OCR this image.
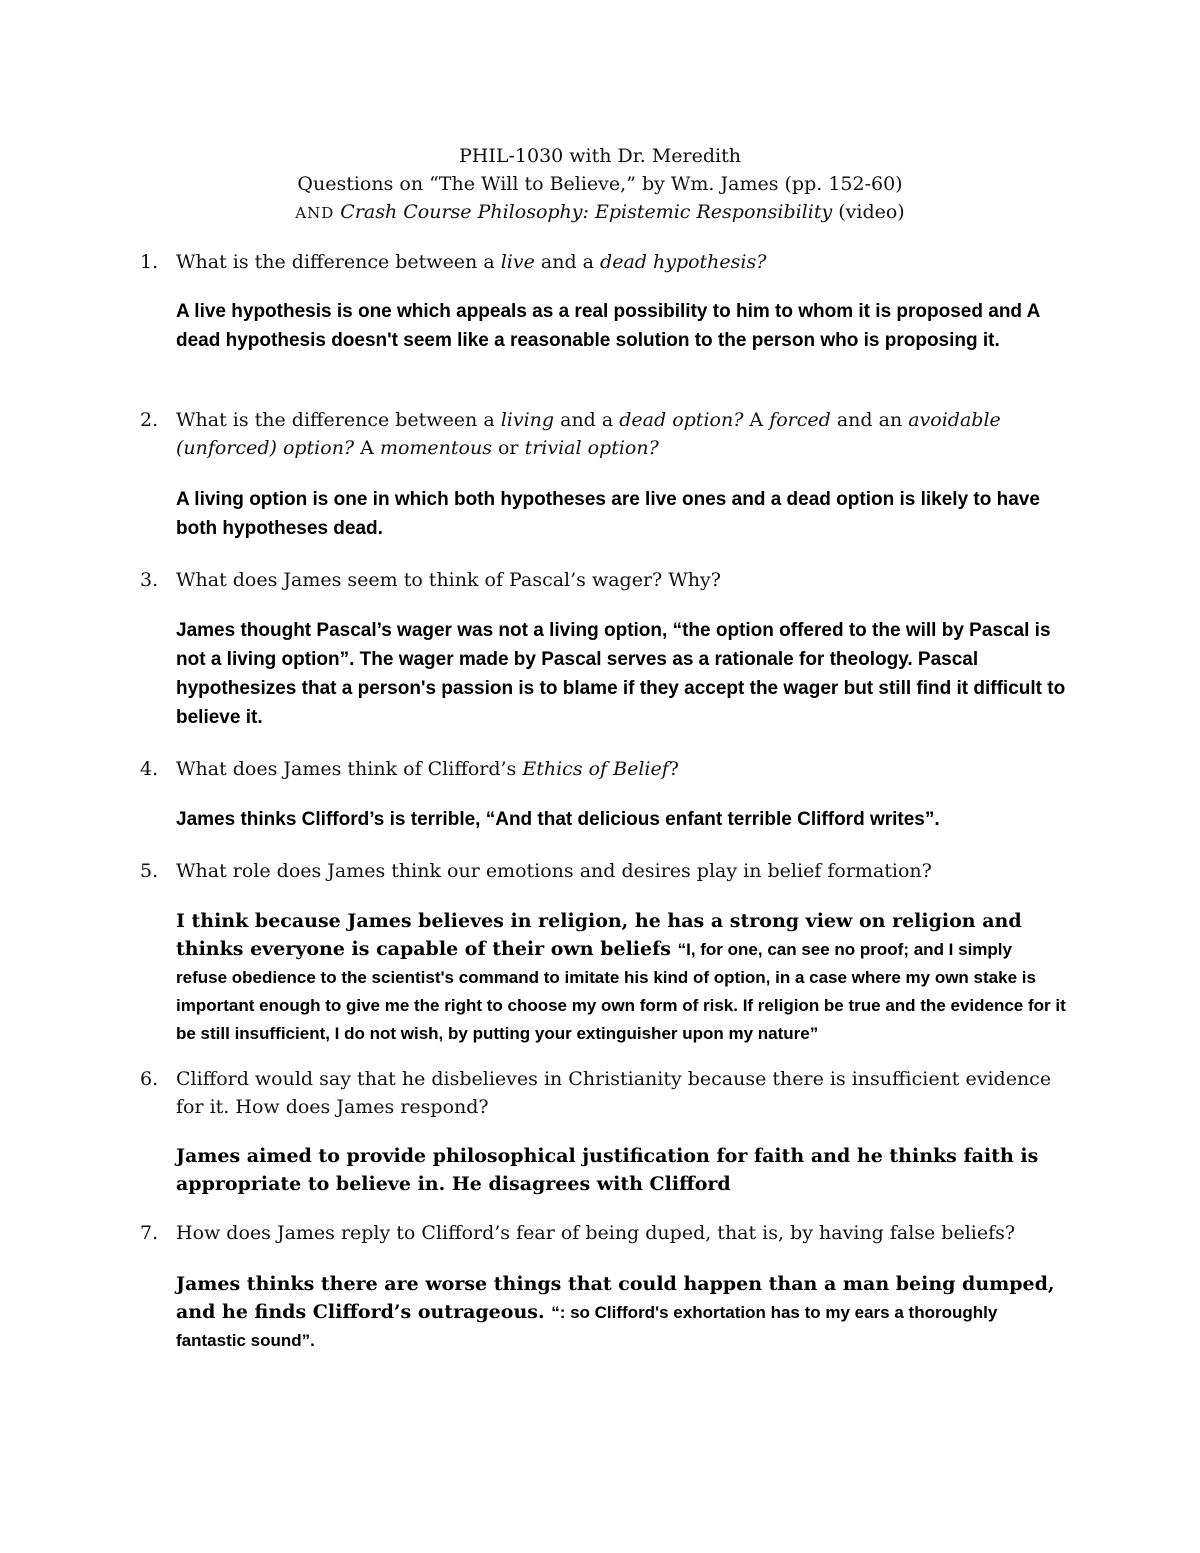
PHIL-1030 with Dr. Meredith
Questions on “The Will to Believe,” by Wm. James (pp. 152-60)
AND Crash Course Philosophy: Epistemic Responsibility (video)
1. What is the difference between a live and a dead hypothesis?
A live hypothesis is one which appeals as a real possibility to him to whom it is proposed and A dead hypothesis doesn't seem like a reasonable solution to the person who is proposing it.
2. What is the difference between a living and a dead option? A forced and an avoidable (unforced) option? A momentous or trivial option?
A living option is one in which both hypotheses are live ones and a dead option is likely to have both hypotheses dead.
3. What does James seem to think of Pascal’s wager? Why?
James thought Pascal’s wager was not a living option, “the option offered to the will by Pascal is not a living option”. The wager made by Pascal serves as a rationale for theology. Pascal hypothesizes that a person's passion is to blame if they accept the wager but still find it difficult to believe it.
4. What does James think of Clifford’s Ethics of Belief?
James thinks Clifford’s is terrible, “And that delicious enfant terrible Clifford writes”.
5. What role does James think our emotions and desires play in belief formation?
I think because James believes in religion, he has a strong view on religion and thinks everyone is capable of their own beliefs “I, for one, can see no proof; and I simply refuse obedience to the scientist's command to imitate his kind of option, in a case where my own stake is important enough to give me the right to choose my own form of risk. If religion be true and the evidence for it be still insufficient, I do not wish, by putting your extinguisher upon my nature”
6. Clifford would say that he disbelieves in Christianity because there is insufficient evidence for it. How does James respond?
James aimed to provide philosophical justification for faith and he thinks faith is appropriate to believe in. He disagrees with Clifford
7. How does James reply to Clifford’s fear of being duped, that is, by having false beliefs?
James thinks there are worse things that could happen than a man being dumped, and he finds Clifford’s outrageous. “: so Clifford's exhortation has to my ears a thoroughly fantastic sound”.
